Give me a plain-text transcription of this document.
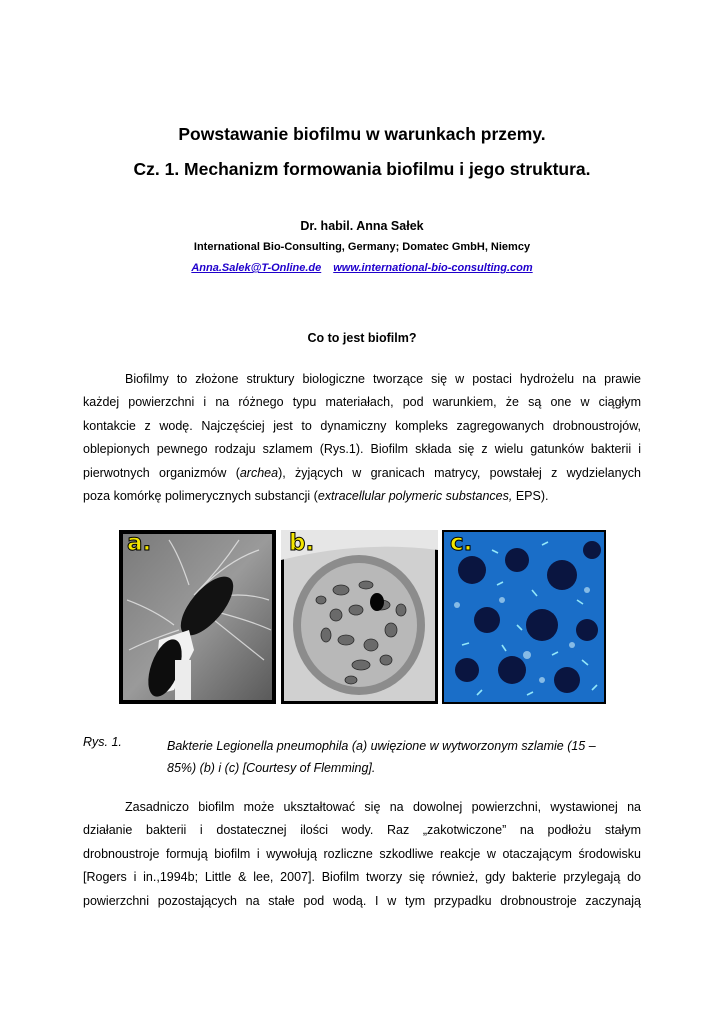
Powstawanie biofilmu w warunkach przemy.
Cz. 1. Mechanizm formowania biofilmu i jego struktura.
Dr. habil. Anna Sałek
International Bio-Consulting, Germany; Domatec GmbH, Niemcy
Anna.Salek@T-Online.de www.international-bio-consulting.com
Co to jest biofilm?
Biofilmy to złożone struktury biologiczne tworzące się w postaci hydrożelu na prawie
każdej powierzchni i na różnego typu materiałach, pod warunkiem, że są one w ciągłym
kontakcie z wodę. Najczęściej jest to dynamiczny kompleks zagregowanych drobnoustrojów,
oblepionych pewnego rodzaju szlamem (Rys.1). Biofilm składa się z wielu gatunków bakterii i
pierwotnych organizmów (archea), żyjących w granicach matrycy, powstałej z wydzielanych
poza komórkę polimerycznych substancji (extracellular polymeric substances, EPS).
a.	b.	c.
Rys. 1.	Bakterie Legionella pneumophila (a) uwięzione w wytworzonym szlamie (15 –
85%) (b) i (c) [Courtesy of Flemming].
Zasadniczo biofilm może ukształtować się na dowolnej powierzchni, wystawionej na
działanie bakterii i dostatecznej ilości wody. Raz „zakotwiczone” na podłożu stałym
drobnoustroje formują biofilm i wywołują rozliczne szkodliwe reakcje w otaczającym środowisku
[Rogers i in.,1994b; Little & lee, 2007]. Biofilm tworzy się również, gdy bakterie przylegają do
powierzchni pozostających na stałe pod wodą. I w tym przypadku drobnoustroje zaczynają
